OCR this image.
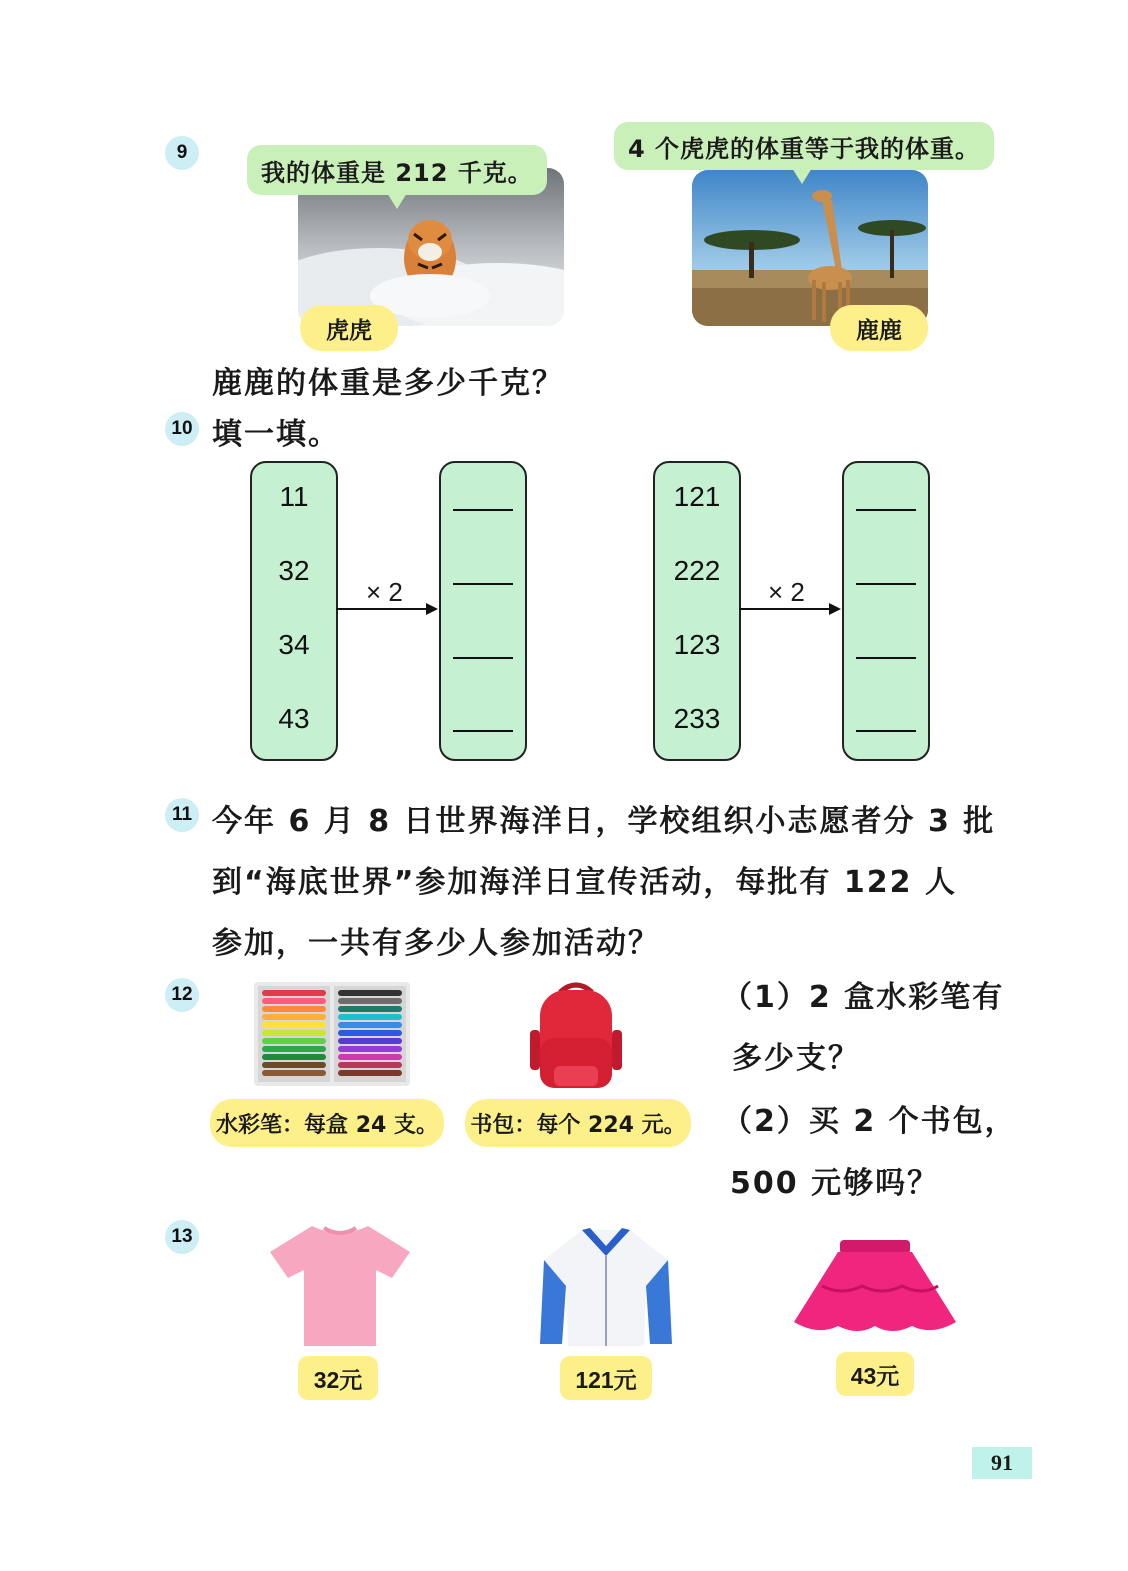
9
我的体重是 212 千克。
虎虎
4 个虎虎的体重等于我的体重。
鹿鹿
鹿鹿的体重是多少千克？
10 填一填。
11
32
34
43
× 2
121
222
123
233
× 2
11 今年 6 月 8 日世界海洋日，学校组织小志愿者分 3 批
到“海底世界”参加海洋日宣传活动，每批有 122 人
参加，一共有多少人参加活动？
12
水彩笔：每盒 24 支。 书包：每个 224 元。
（1）2 盒水彩笔有
多少支？
（2）买 2 个书包，
500 元够吗？
13
32元	121元	43元
91
